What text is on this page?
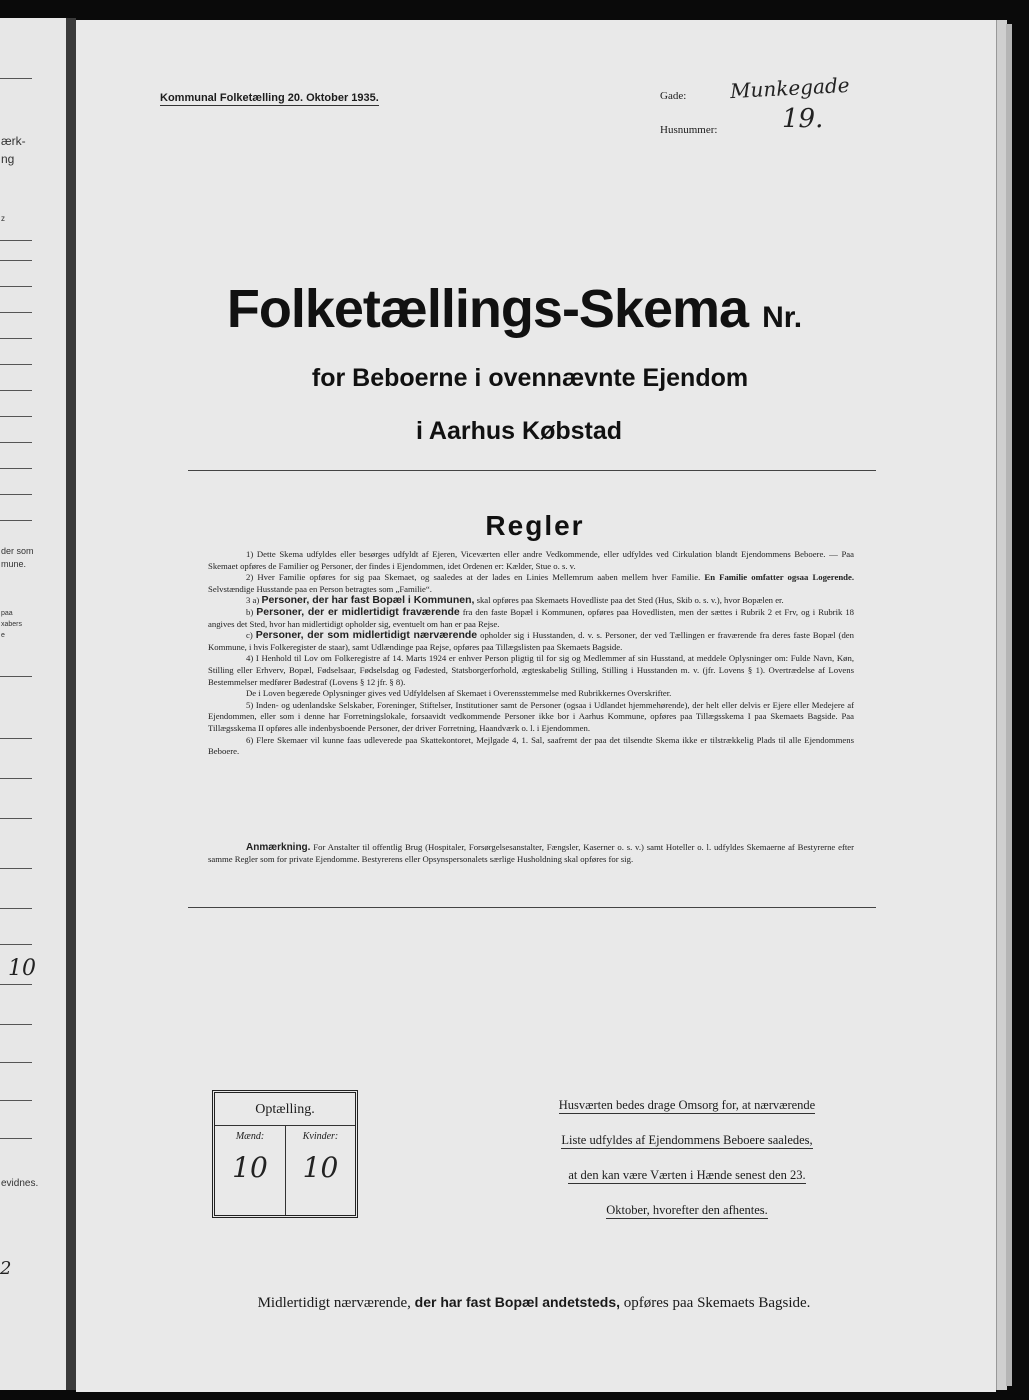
ærk-
ng
z
der som
mune.
paa
xabers
e
10
evidnes.
2
Kommunal Folketælling 20. Oktober 1935.	Gade: Munkegade
Husnummer: 19.
Folketællings-Skema Nr.
for Beboerne i ovennævnte Ejendom
i Aarhus Købstad
Regler

1) Dette Skema udfyldes eller besørges udfyldt af Ejeren, Viceværten eller andre Vedkommende, eller udfyldes ved Cirkulation blandt Ejendommens Beboere. — Paa Skemaet opføres de Familier og Personer, der findes i Ejendommen, idet Ordenen er: Kælder, Stue o. s. v.

2) Hver Familie opføres for sig paa Skemaet, og saaledes at der lades en Linies Mellemrum aaben mellem hver Familie. En Familie omfatter ogsaa Logerende. Selvstændige Husstande paa en Person betragtes som „Familie“.

3 a) Personer, der har fast Bopæl i Kommunen, skal opføres paa Skemaets Hovedliste paa det Sted (Hus, Skib o. s. v.), hvor Bopælen er.

b) Personer, der er midlertidigt fraværende fra den faste Bopæl i Kommunen, opføres paa Hovedlisten, men der sættes i Rubrik 2 et Frv, og i Rubrik 18 angives det Sted, hvor han midlertidigt opholder sig, eventuelt om han er paa Rejse.

c) Personer, der som midlertidigt nærværende opholder sig i Husstanden, d. v. s. Personer, der ved Tællingen er fraværende fra deres faste Bopæl (den Kommune, i hvis Folkeregister de staar), samt Udlændinge paa Rejse, opføres paa Tillægslisten paa Skemaets Bagside.

4) I Henhold til Lov om Folkeregistre af 14. Marts 1924 er enhver Person pligtig til for sig og Medlemmer af sin Husstand, at meddele Oplysninger om: Fulde Navn, Køn, Stilling eller Erhverv, Bopæl, Fødselsaar, Fødselsdag og Fødested, Statsborgerforhold, ægteskabelig Stilling, Stilling i Husstanden m. v. (jfr. Lovens § 1). Overtrædelse af Lovens Bestemmelser medfører Bødestraf (Lovens § 12 jfr. § 8).

De i Loven begærede Oplysninger gives ved Udfyldelsen af Skemaet i Overensstemmelse med Rubrikkernes Overskrifter.

5) Inden- og udenlandske Selskaber, Foreninger, Stiftelser, Institutioner samt de Personer (ogsaa i Udlandet hjemmehørende), der helt eller delvis er Ejere eller Medejere af Ejendommen, eller som i denne har Forretningslokale, forsaavidt vedkommende Personer ikke bor i Aarhus Kommune, opføres paa Tillægsskema I paa Skemaets Bagside. Paa Tillægsskema II opføres alle indenbysboende Personer, der driver Forretning, Haandværk o. l. i Ejendommen.

6) Flere Skemaer vil kunne faas udleverede paa Skattekontoret, Mejlgade 4, 1. Sal, saafremt der paa det tilsendte Skema ikke er tilstrækkelig Plads til alle Ejendommens Beboere.

Anmærkning. For Anstalter til offentlig Brug (Hospitaler, Forsørgelsesanstalter, Fængsler, Kaserner o. s. v.) samt Hoteller o. l. udfyldes Skemaerne af Bestyrerne efter samme Regler som for private Ejendomme. Bestyrerens eller Opsynspersonalets særlige Husholdning skal opføres for sig.
Optælling.
Mænd:
10
Kvinder:
10
Husværten bedes drage Omsorg for, at nærværende
Liste udfyldes af Ejendommens Beboere saaledes,
at den kan være Værten i Hænde senest den 23.
Oktober, hvorefter den afhentes.
Midlertidigt nærværende, der har fast Bopæl andetsteds, opføres paa Skemaets Bagside.
